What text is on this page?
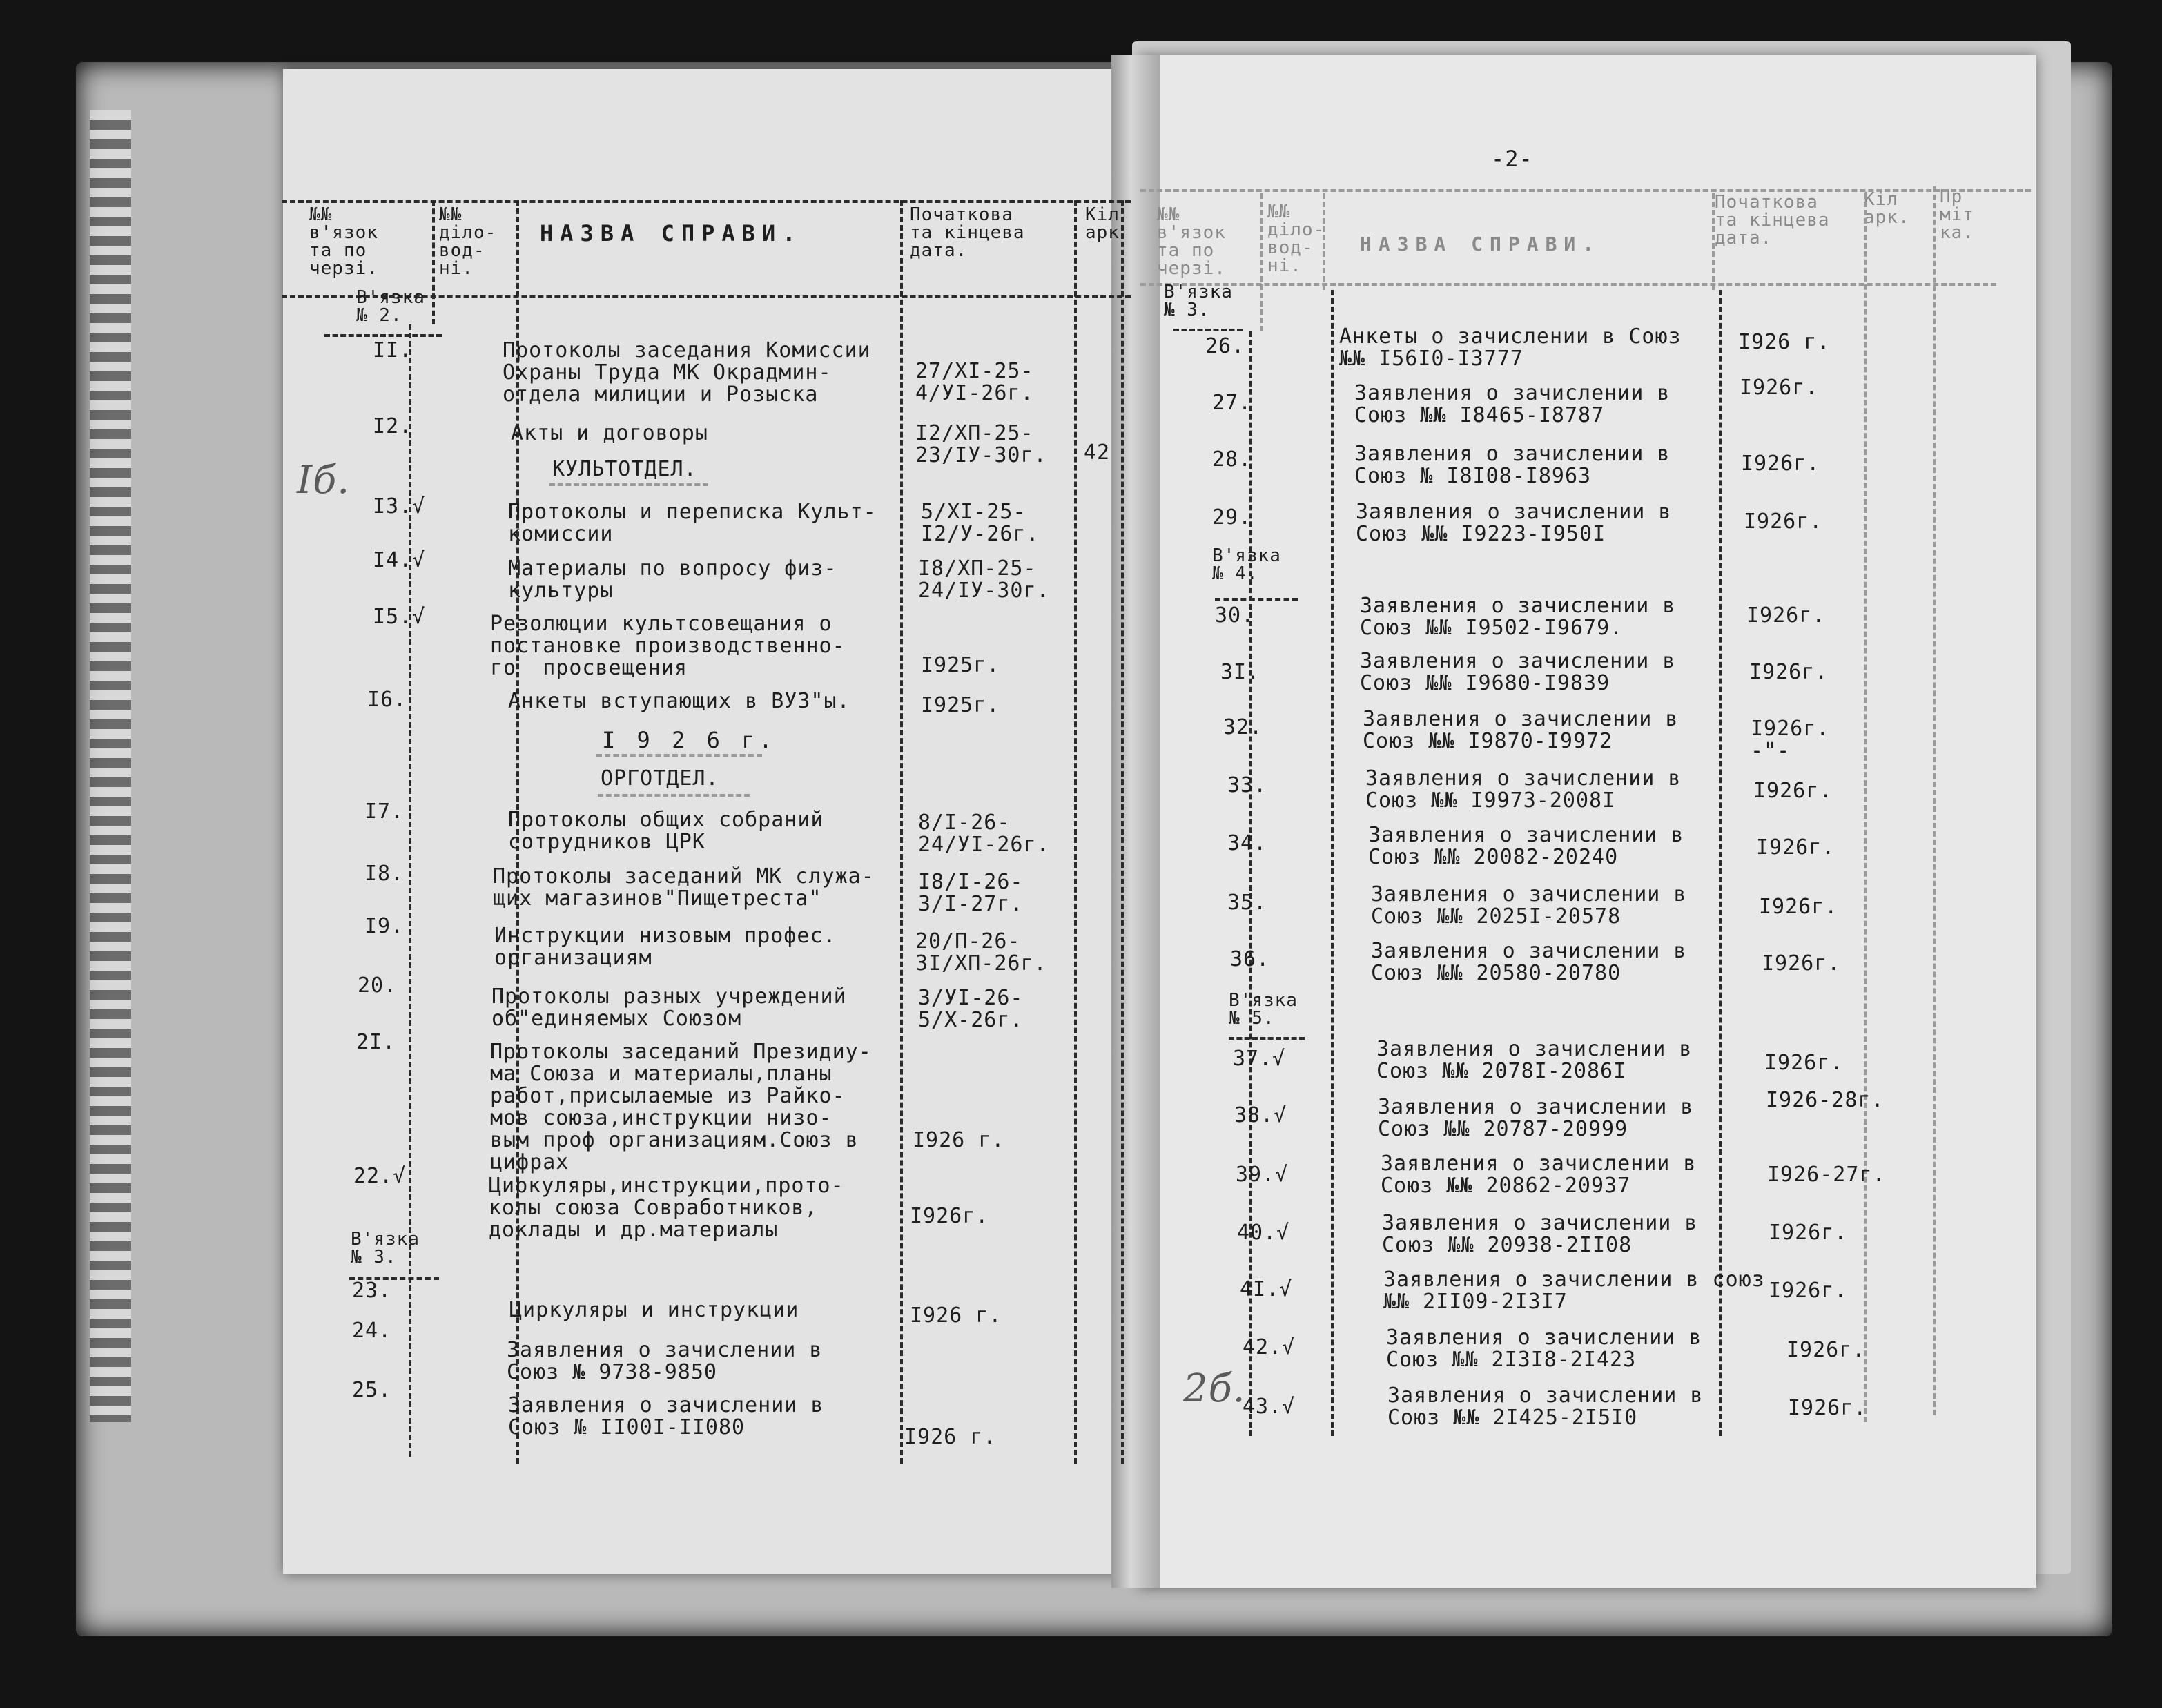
№№
в'язок
та по
черзі.
№№
діло-
вод-
ні.
НАЗВА СПРАВИ.
Початкова
та кінцева
дата.
Кіл
арк
В'язка
№ 2.
II.	Протоколы заседания Комиссии
Охраны Труда МК Окрадмин-
отдела милиции и Розыска
27/XI-25-
4/УI-26г.
I2.	Акты и договоры	I2/XП-25-
23/IУ-30г. 42
КУЛЬТОТДЕЛ.
I3.√	Протоколы и переписка Культ-
комиссии
5/XI-25-
I2/У-26г.
I4.√	Материалы по вопросу физ-
культуры
I8/XП-25-
24/IУ-30г.
I5.√	Резолюции культсовещания о
постановке производственно-
го  просвещения	I925г.
I6.	Анкеты вступающих в ВУЗ"ы.	I925г.
I 9 2 6 г.
ОРГОТДЕЛ.
I7.	Протоколы общих собраний
сотрудников ЦРК
8/I-26-
24/УI-26г.
I8.	Протоколы заседаний МК служа-
щих магазинов"Пищетреста"
I8/I-26-
3/I-27г.
I9.	Инструкции низовым профес.
организациям
20/П-26-
3I/XП-26г.
20.	Протоколы разных учреждений
об"единяемых Союзом
3/УI-26-
5/X-26г.
2I.	Протоколы заседаний Президиу-
ма Союза и материалы,планы
работ,присылаемые из Райко-
мов союза,инструкции низо-
вым проф организациям.Союз в
цифрах
I926 г.
22.√	Циркуляры,инструкции,прото-
колы союза Совработников,
доклады и др.материалы
I926г.
В'язка
№ 3.
23.
Циркуляры и инструкции	I926 г.
24.
Заявления о зачислении в
Союз № 9738-9850
25.
Заявления о зачислении в
Союз № II00I-II080	I926 г.
Iб.
-2-
№№
в'язок
та по
черзі.
№№
діло-
вод-
ні.
НАЗВА СПРАВИ.
Початкова
та кінцева
дата.
Кіл
арк.
Пр
міт
ка.
В'язка
№ 3.
26.	Анкеты о зачислении в Союз
№№ I56I0-I3777
I926 г.
27.	Заявления о зачислении в
Союз №№ I8465-I8787
I926г.
28.	Заявления о зачислении в
Союз № I8I08-I8963
I926г.
29.	Заявления о зачислении в
Союз №№ I9223-I950I
I926г.
В'язка
№ 4.
30.	Заявления о зачислении в
Союз №№ I9502-I9679.
I926г.
3I.	Заявления о зачислении в
Союз №№ I9680-I9839	I926г.
32.	Заявления о зачислении в
Союз №№ I9870-I9972
I926г.
-"-
33.	Заявления о зачислении в
Союз №№ I9973-2008I	I926г.
34.	Заявления о зачислении в
Союз №№ 20082-20240	I926г.
35.	Заявления о зачислении в
Союз №№ 2025I-20578	I926г.
36.	Заявления о зачислении в
Союз №№ 20580-20780	I926г.
В'язка
№ 5.
37.√	Заявления о зачислении в
Союз №№ 2078I-2086I	I926г.
38.√	Заявления о зачислении в
Союз №№ 20787-20999
I926-28г.
39.√	Заявления о зачислении в
Союз №№ 20862-20937	I926-27г.
40.√	Заявления о зачислении в
Союз №№ 20938-2II08
I926г.
4I.√	Заявления о зачислении в союз
№№ 2II09-2I3I7	I926г.
42.√	Заявления о зачислении в
Союз №№ 2I3I8-2I423	I926г.
43.√	Заявления о зачислении в
Союз №№ 2I425-2I5I0	I926г.
2б.
